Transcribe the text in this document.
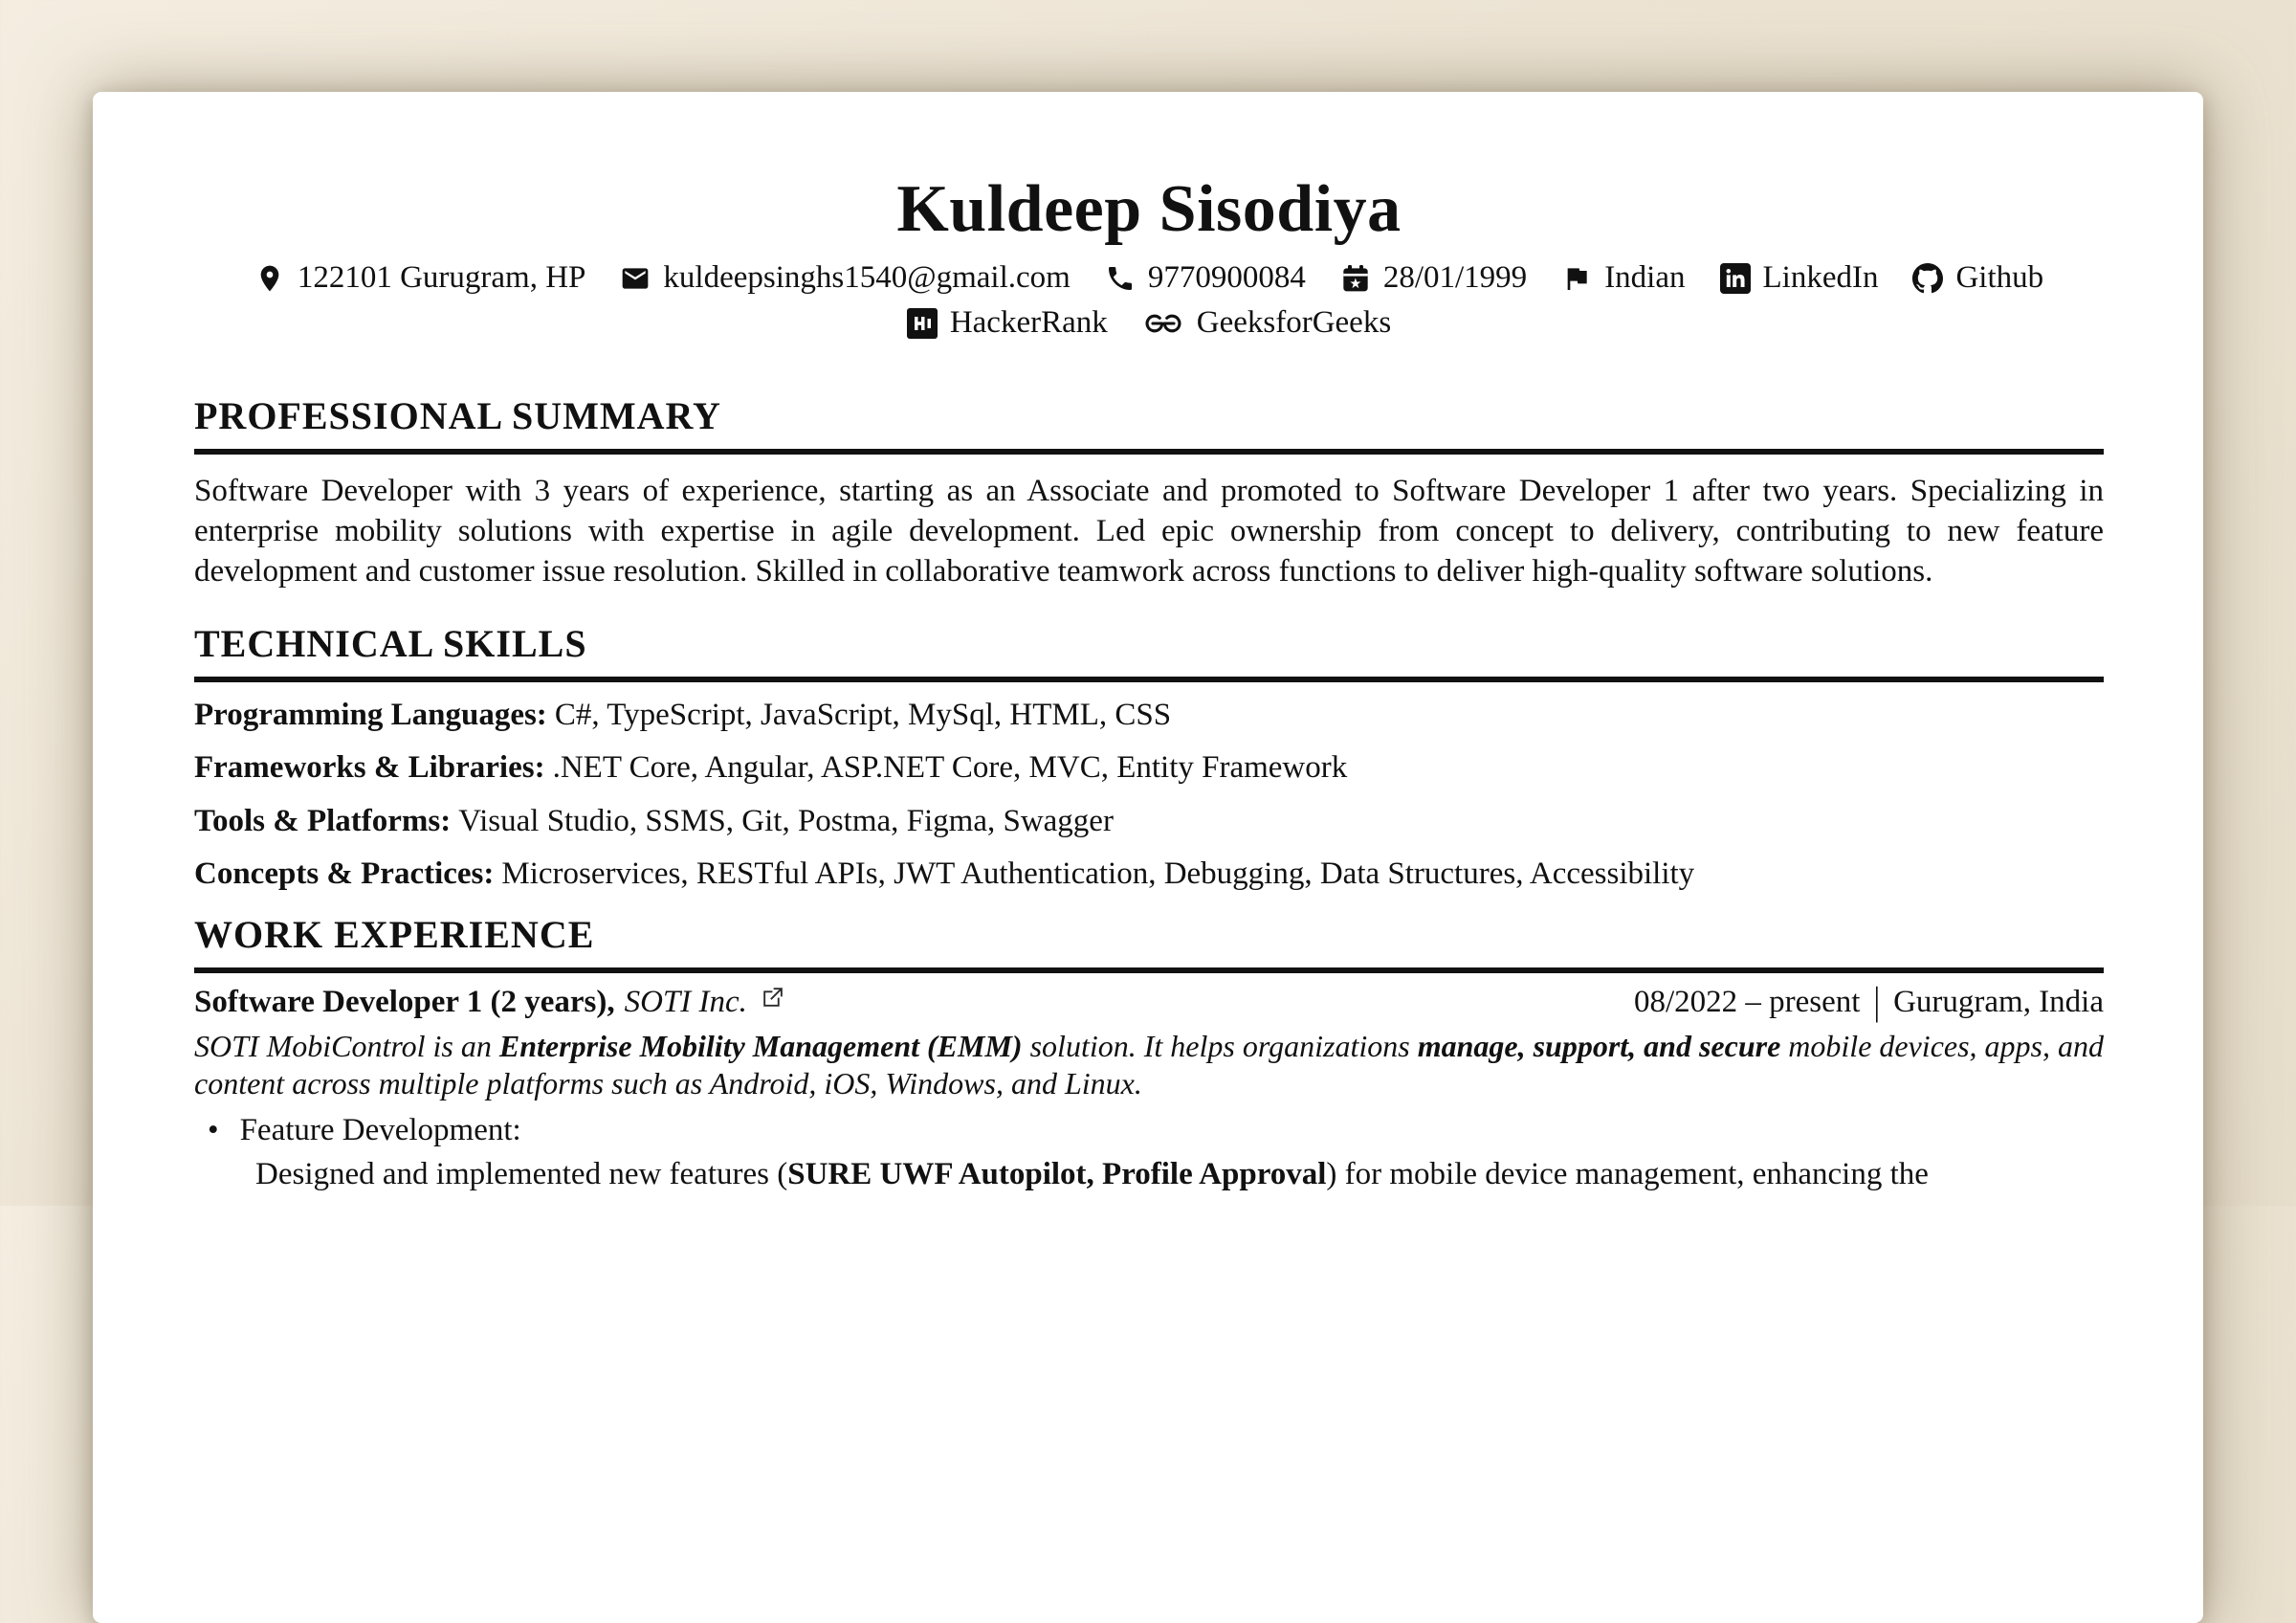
Kuldeep Sisodiya
122101 Gurugram, HP kuldeepsinghs1540@gmail.com 9770900084	★ 28/01/1999 Indian LinkedIn Github
HackerRank	GeeksforGeeks
PROFESSIONAL SUMMARY

Software Developer with 3 years of experience, starting as an Associate and promoted to Software Developer 1 after two years. Specializing in enterprise mobility solutions with expertise in agile development. Led epic ownership from concept to delivery, contributing to new feature development and customer issue resolution. Skilled in collaborative teamwork across functions to deliver high-quality software solutions.

TECHNICAL SKILLS
Programming Languages: C#, TypeScript, JavaScript, MySql, HTML, CSS
Frameworks & Libraries: .NET Core, Angular, ASP.NET Core, MVC, Entity Framework
Tools & Platforms: Visual Studio, SSMS, Git, Postma, Figma, Swagger
Concepts & Practices: Microservices, RESTful APIs, JWT Authentication, Debugging, Data Structures, Accessibility
WORK EXPERIENCE
Software Developer 1 (2 years), SOTI Inc.	08/2022 – present | Gurugram, India

SOTI MobiControl is an Enterprise Mobility Management (EMM) solution. It helps organizations manage, support, and secure mobile devices, apps, and content across multiple platforms such as Android, iOS, Windows, and Linux.

• Feature Development:
Designed and implemented new features (SURE UWF Autopilot, Profile Approval) for mobile device management, enhancing the
